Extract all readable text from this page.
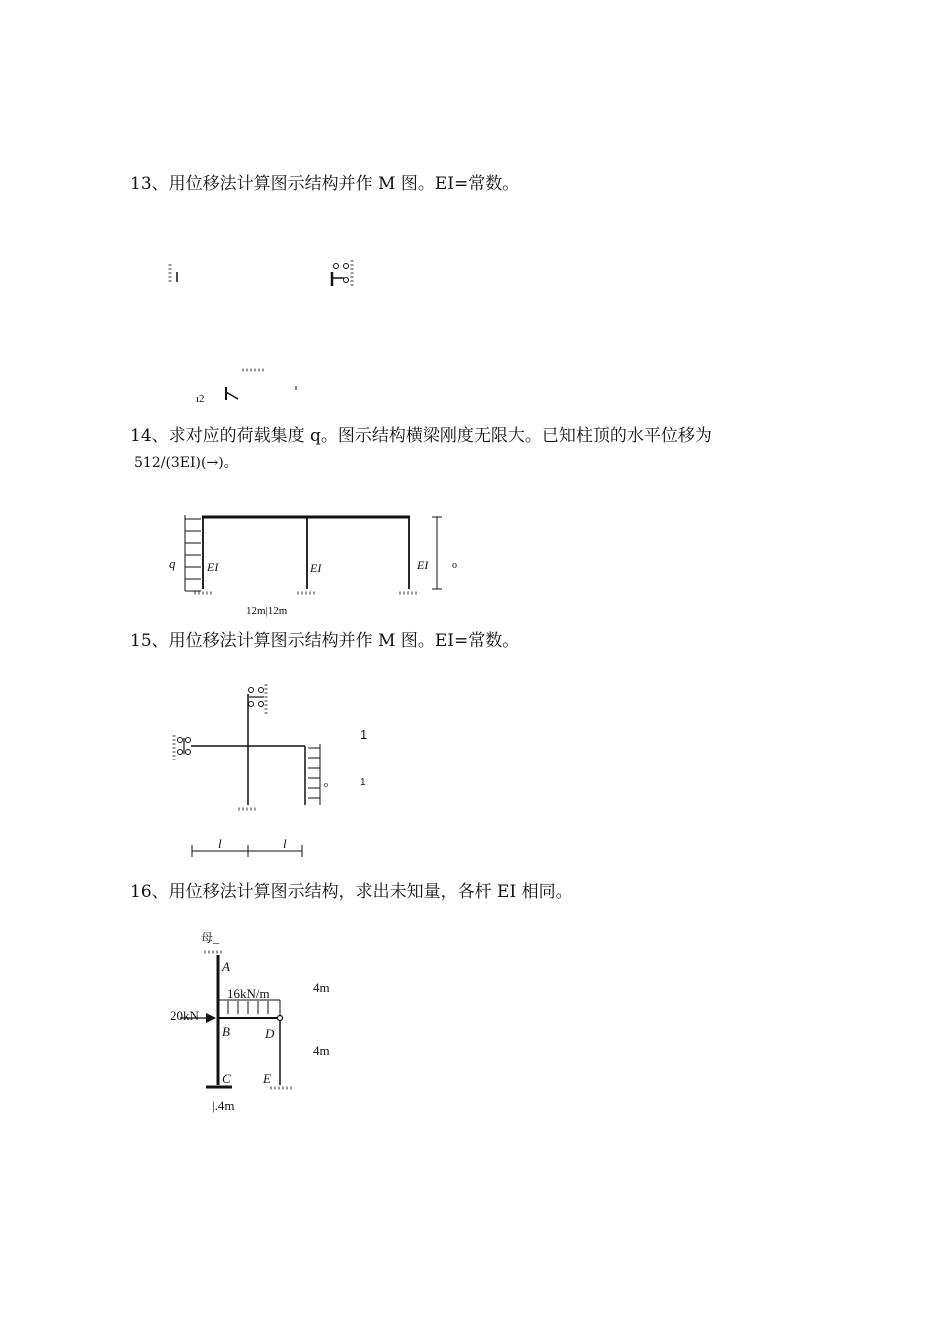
13、用位移法计算图示结构并作 M 图。EI=常数。
ı2
14、求对应的荷载集度 q。图示结构横梁刚度无限大。已知柱顶的水平位移为
512/(3EI)(→)。
q	EI	EI	EI o
12m|12m
15、用位移法计算图示结构并作 M 图。EI=常数。
l	l
1
1
o
16、用位移法计算图示结构，求出未知量，各杆 EI 相同。
母_
16kN/m
20kN
A
B	D
C E
4m
4m
|.4m
